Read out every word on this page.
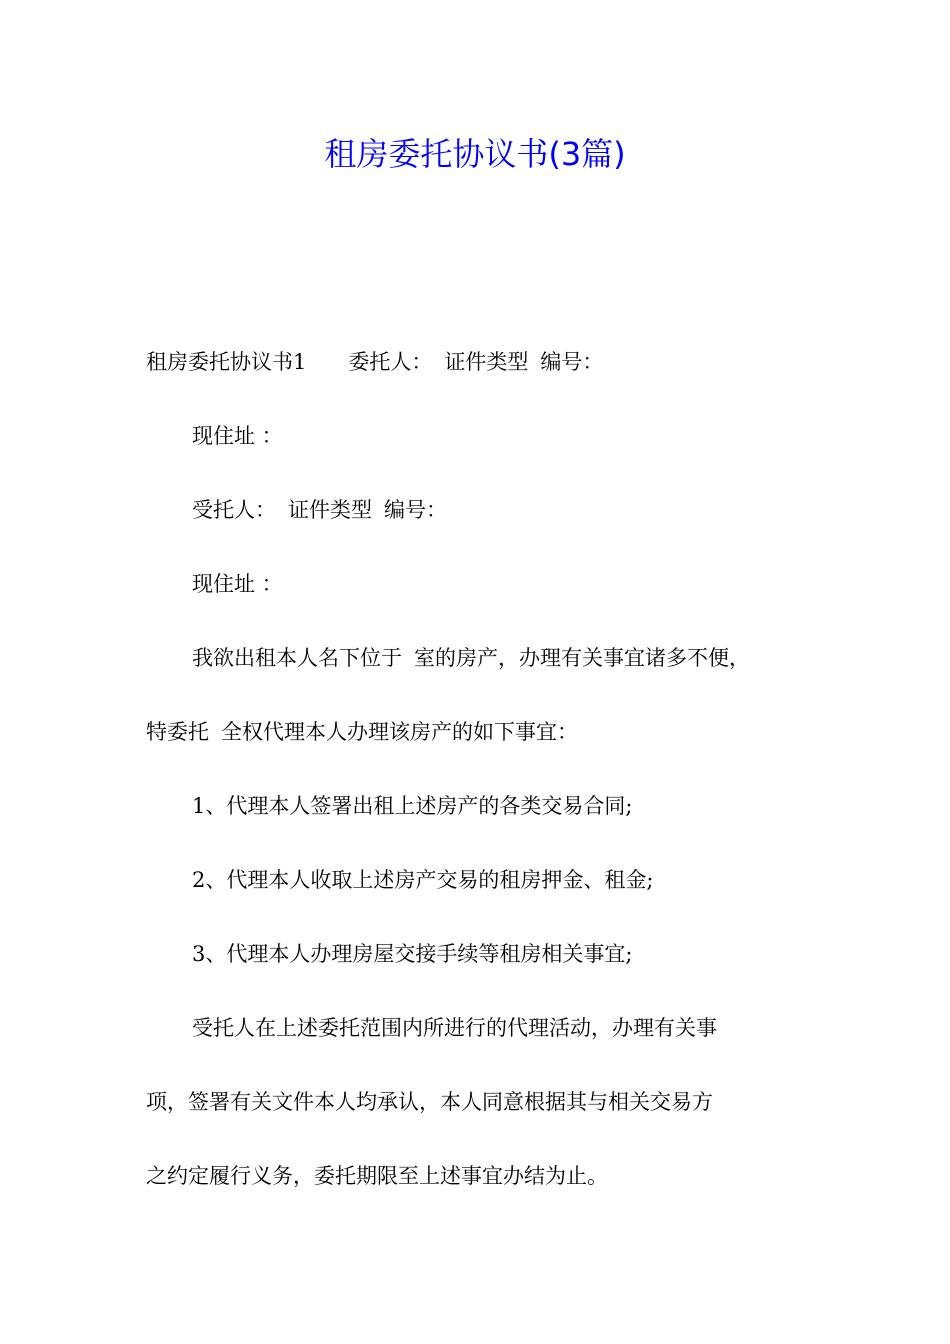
租房委托协议书(3篇)
租房委托协议书1 委托人： 证件类型 编号：
现住址 ：
受托人： 证件类型 编号：
现住址 ：
我欲出租本人名下位于 室的房产，办理有关事宜诸多不便，
特委托 全权代理本人办理该房产的如下事宜：
1、代理本人签署出租上述房产的各类交易合同;
2、代理本人收取上述房产交易的租房押金、租金;
3、代理本人办理房屋交接手续等租房相关事宜;
受托人在上述委托范围内所进行的代理活动，办理有关事
项，签署有关文件本人均承认，本人同意根据其与相关交易方
之约定履行义务，委托期限至上述事宜办结为止。
